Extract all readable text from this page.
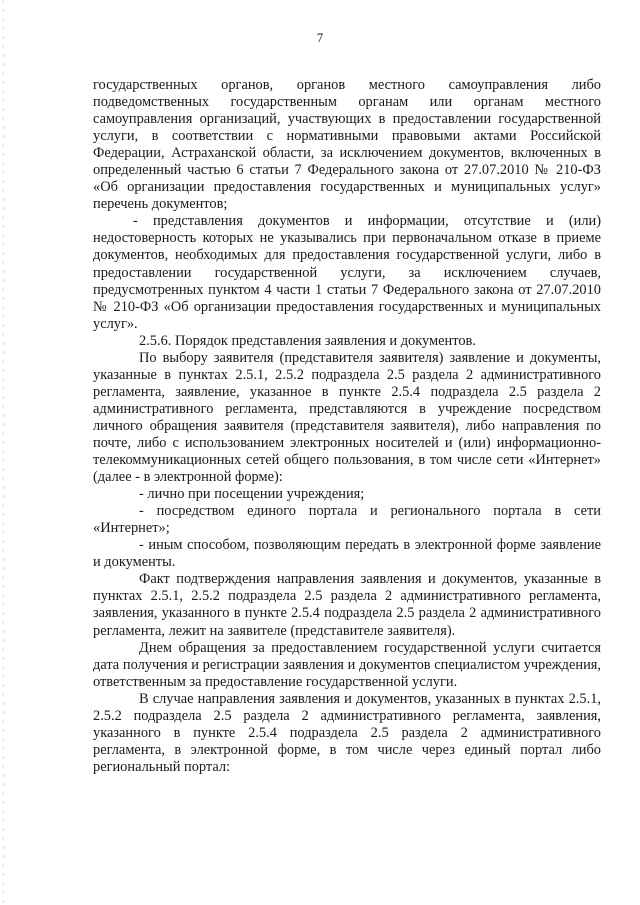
7

государственных органов, органов местного самоуправления либо подведомственных государственным органам или органам местного самоуправления организаций, участвующих в предоставлении государственной услуги, в соответствии с нормативными правовыми актами Российской Федерации, Астраханской области, за исключением документов, включенных в определенный частью 6 статьи 7 Федерального закона от 27.07.2010 № 210-ФЗ «Об организации предоставления государственных и муниципальных услуг» перечень документов;

- представления документов и информации, отсутствие и (или) недостоверность которых не указывались при первоначальном отказе в приеме документов, необходимых для предоставления государственной услуги, либо в предоставлении государственной услуги, за исключением случаев, предусмотренных пунктом 4 части 1 статьи 7 Федерального закона от 27.07.2010 № 210-ФЗ «Об организации предоставления государственных и муниципальных услуг».

2.5.6. Порядок представления заявления и документов.

По выбору заявителя (представителя заявителя) заявление и документы, указанные в пунктах 2.5.1, 2.5.2 подраздела 2.5 раздела 2 административного регламента, заявление, указанное в пункте 2.5.4 подраздела 2.5 раздела 2 административного регламента, представляются в учреждение посредством личного обращения заявителя (представителя заявителя), либо направления по почте, либо с использованием электронных носителей и (или) информационно-телекоммуникационных сетей общего пользования, в том числе сети «Интернет» (далее - в электронной форме):

- лично при посещении учреждения;

- посредством единого портала и регионального портала в сети «Интернет»;

- иным способом, позволяющим передать в электронной форме заявление и документы.

Факт подтверждения направления заявления и документов, указанные в пунктах 2.5.1, 2.5.2 подраздела 2.5 раздела 2 административного регламента, заявления, указанного в пункте 2.5.4 подраздела 2.5 раздела 2 административного регламента, лежит на заявителе (представителе заявителя).

Днем обращения за предоставлением государственной услуги считается дата получения и регистрации заявления и документов специалистом учреждения, ответственным за предоставление государственной услуги.

В случае направления заявления и документов, указанных в пунктах 2.5.1, 2.5.2 подраздела 2.5 раздела 2 административного регламента, заявления, указанного в пункте 2.5.4 подраздела 2.5 раздела 2 административного регламента, в электронной форме, в том числе через единый портал либо региональный портал:
